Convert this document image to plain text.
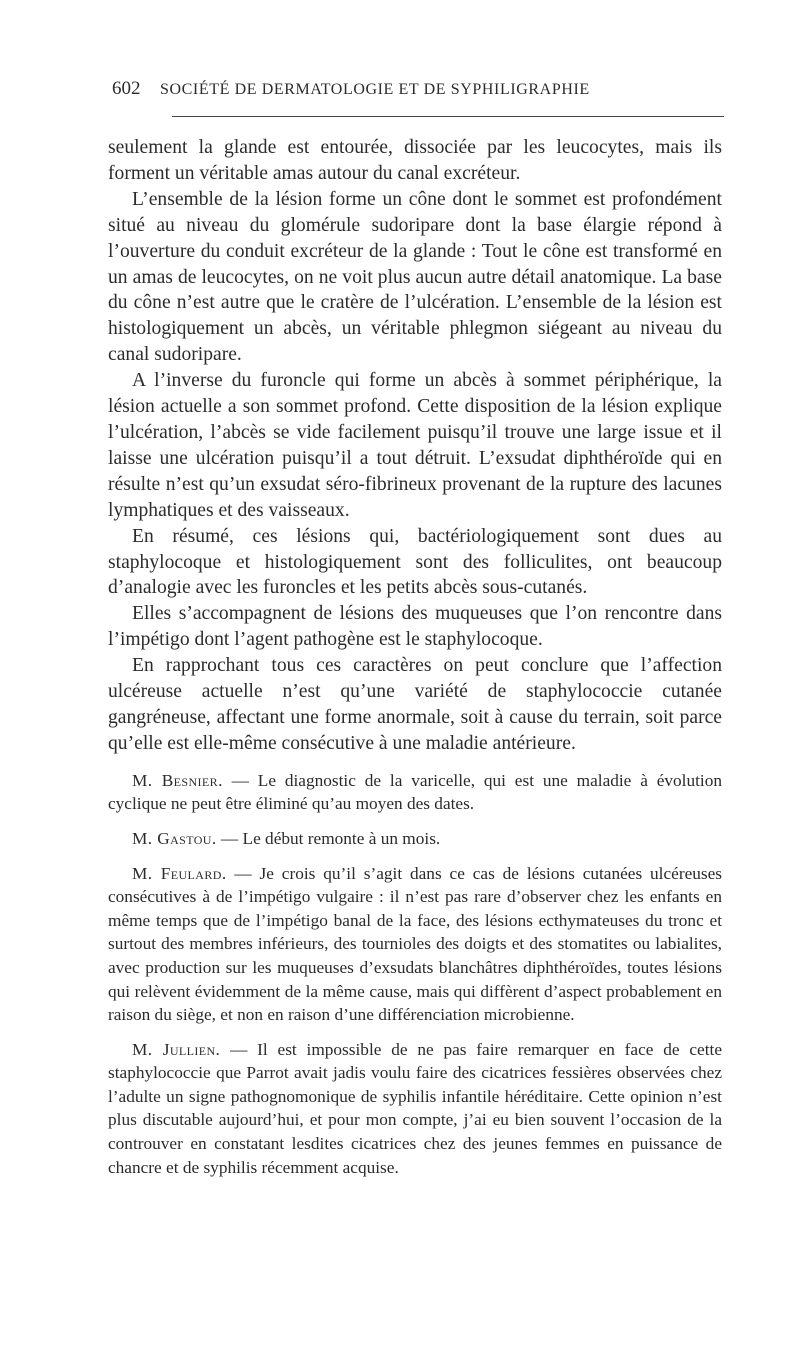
602 SOCIÉTÉ DE DERMATOLOGIE ET DE SYPHILIGRAPHIE

seulement la glande est entourée, dissociée par les leucocytes, mais ils forment un véritable amas autour du canal excréteur.

L’ensemble de la lésion forme un cône dont le sommet est profondément situé au niveau du glomérule sudoripare dont la base élargie répond à l’ouverture du conduit excréteur de la glande : Tout le cône est transformé en un amas de leucocytes, on ne voit plus aucun autre détail anatomique. La base du cône n’est autre que le cratère de l’ulcération. L’ensemble de la lésion est histologiquement un abcès, un véritable phlegmon siégeant au niveau du canal sudoripare.

A l’inverse du furoncle qui forme un abcès à sommet périphérique, la lésion actuelle a son sommet profond. Cette disposition de la lésion explique l’ulcération, l’abcès se vide facilement puisqu’il trouve une large issue et il laisse une ulcération puisqu’il a tout détruit. L’exsudat diphthéroïde qui en résulte n’est qu’un exsudat séro-fibrineux provenant de la rupture des lacunes lymphatiques et des vaisseaux.

En résumé, ces lésions qui, bactériologiquement sont dues au staphylocoque et histologiquement sont des folliculites, ont beaucoup d’analogie avec les furoncles et les petits abcès sous-cutanés.

Elles s’accompagnent de lésions des muqueuses que l’on rencontre dans l’impétigo dont l’agent pathogène est le staphylocoque.

En rapprochant tous ces caractères on peut conclure que l’affection ulcéreuse actuelle n’est qu’une variété de staphylococcie cutanée gangréneuse, affectant une forme anormale, soit à cause du terrain, soit parce qu’elle est elle-même consécutive à une maladie antérieure.

M. Besnier. — Le diagnostic de la varicelle, qui est une maladie à évolution cyclique ne peut être éliminé qu’au moyen des dates.

M. Gastou. — Le début remonte à un mois.

M. Feulard. — Je crois qu’il s’agit dans ce cas de lésions cutanées ulcéreuses consécutives à de l’impétigo vulgaire : il n’est pas rare d’observer chez les enfants en même temps que de l’impétigo banal de la face, des lésions ecthymateuses du tronc et surtout des membres inférieurs, des tournioles des doigts et des stomatites ou labialites, avec production sur les muqueuses d’exsudats blanchâtres diphthéroïdes, toutes lésions qui relèvent évidemment de la même cause, mais qui diffèrent d’aspect probablement en raison du siège, et non en raison d’une différenciation microbienne.

M. Jullien. — Il est impossible de ne pas faire remarquer en face de cette staphylococcie que Parrot avait jadis voulu faire des cicatrices fessières observées chez l’adulte un signe pathognomonique de syphilis infantile héréditaire. Cette opinion n’est plus discutable aujourd’hui, et pour mon compte, j’ai eu bien souvent l’occasion de la controuver en constatant lesdites cicatrices chez des jeunes femmes en puissance de chancre et de syphilis récemment acquise.
